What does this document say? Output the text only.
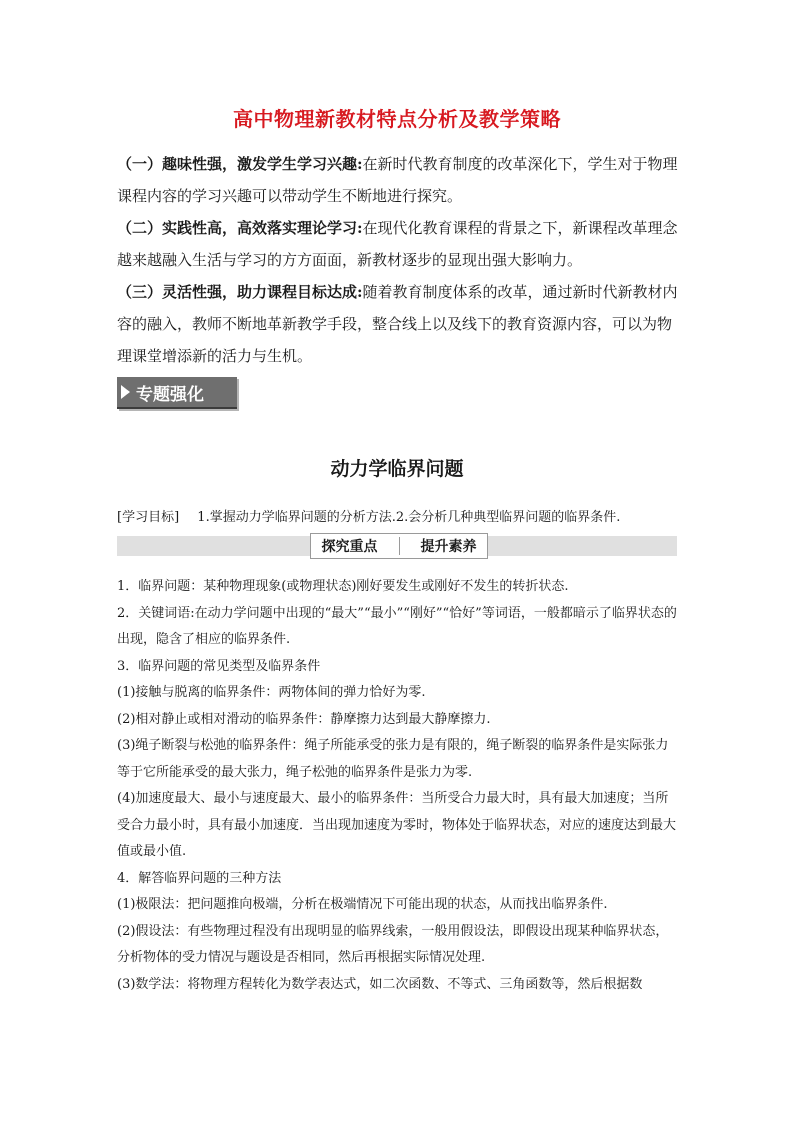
高中物理新教材特点分析及教学策略

（一）趣味性强，激发学生学习兴趣:在新时代教育制度的改革深化下，学生对于物理课程内容的学习兴趣可以带动学生不断地进行探究。

（二）实践性高，高效落实理论学习:在现代化教育课程的背景之下，新课程改革理念越来越融入生活与学习的方方面面，新教材逐步的显现出强大影响力。

（三）灵活性强，助力课程目标达成:随着教育制度体系的改革，通过新时代新教材内容的融入，教师不断地革新教学手段，整合线上以及线下的教育资源内容，可以为物理课堂增添新的活力与生机。

专题强化
动力学临界问题
[学习目标] 1.掌握动力学临界问题的分析方法.2.会分析几种典型临界问题的临界条件.
探究重点	提升素养

1．临界问题：某种物理现象(或物理状态)刚好要发生或刚好不发生的转折状态.

2．关键词语:在动力学问题中出现的“最大”“最小”“刚好”“恰好”等词语，一般都暗示了临界状态的出现，隐含了相应的临界条件.

3．临界问题的常见类型及临界条件

(1)接触与脱离的临界条件：两物体间的弹力恰好为零.

(2)相对静止或相对滑动的临界条件：静摩擦力达到最大静摩擦力.

(3)绳子断裂与松弛的临界条件：绳子所能承受的张力是有限的，绳子断裂的临界条件是实际张力等于它所能承受的最大张力，绳子松弛的临界条件是张力为零.

(4)加速度最大、最小与速度最大、最小的临界条件：当所受合力最大时，具有最大加速度；当所受合力最小时，具有最小加速度．当出现加速度为零时，物体处于临界状态，对应的速度达到最大值或最小值.

4．解答临界问题的三种方法

(1)极限法：把问题推向极端，分析在极端情况下可能出现的状态，从而找出临界条件.

(2)假设法：有些物理过程没有出现明显的临界线索，一般用假设法，即假设出现某种临界状态，分析物体的受力情况与题设是否相同，然后再根据实际情况处理.

(3)数学法：将物理方程转化为数学表达式，如二次函数、不等式、三角函数等，然后根据数
